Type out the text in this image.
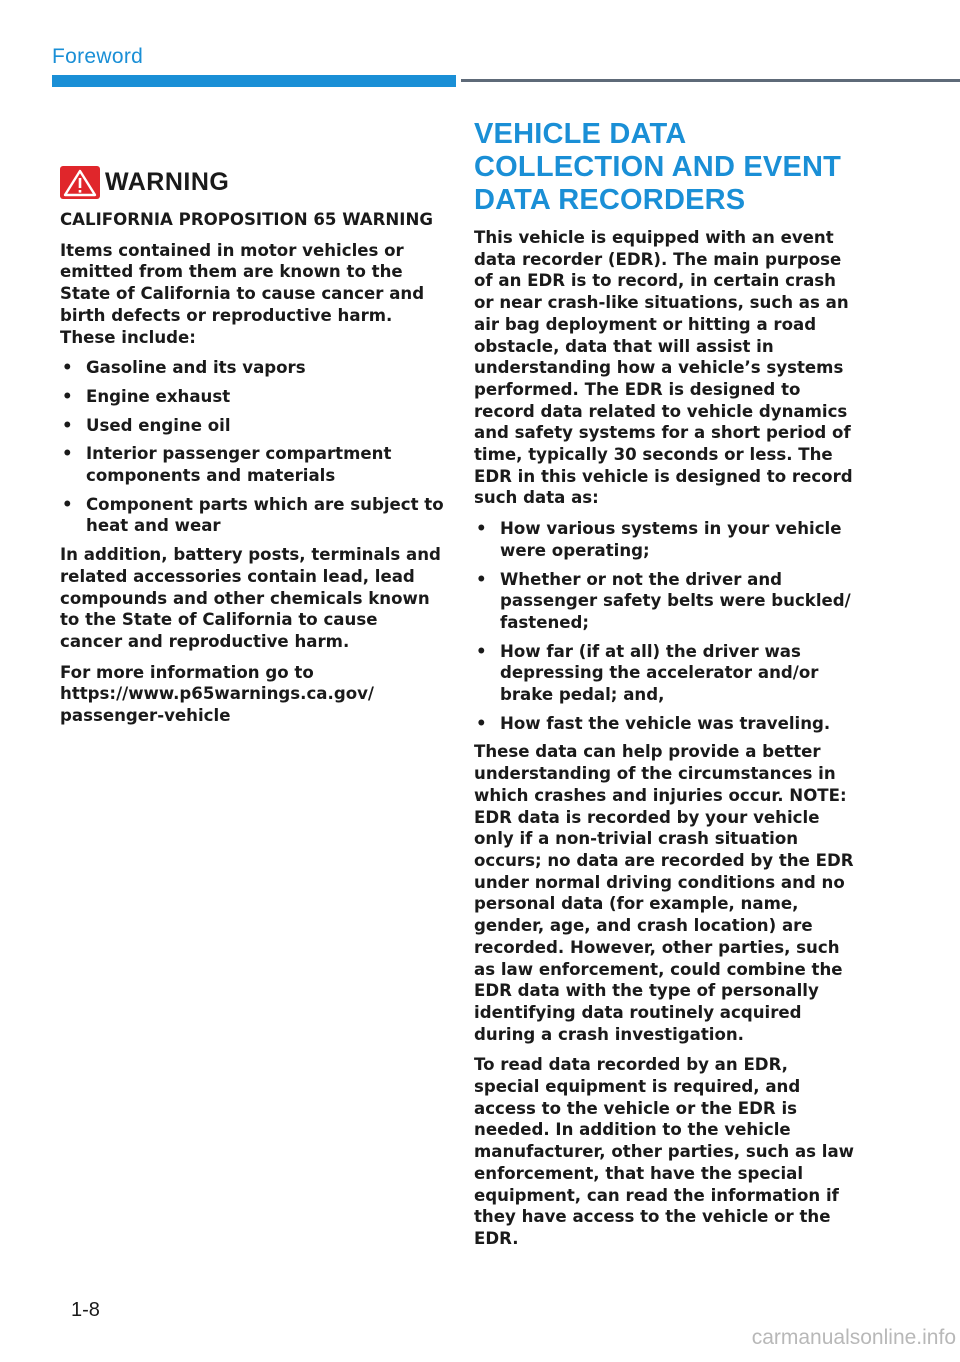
Foreword
WARNING

CALIFORNIA PROPOSITION 65 WARNING

Items contained in motor vehicles or emitted from them are known to the State of California to cause cancer and birth defects or reproductive harm. These include:

• Gasoline and its vapors
• Engine exhaust
• Used engine oil
• Interior passenger compartment components and materials
• Component parts which are subject to heat and wear

In addition, battery posts, terminals and related accessories contain lead, lead compounds and other chemicals known to the State of California to cause cancer and reproductive harm.

For more information go to https://www.p65warnings.ca.gov/ passenger-vehicle

VEHICLE DATA COLLECTION AND EVENT DATA RECORDERS

This vehicle is equipped with an event data recorder (EDR). The main purpose of an EDR is to record, in certain crash or near crash-like situations, such as an air bag deployment or hitting a road obstacle, data that will assist in understanding how a vehicle’s systems performed. The EDR is designed to record data related to vehicle dynamics and safety systems for a short period of time, typically 30 seconds or less. The EDR in this vehicle is designed to record such data as:

• How various systems in your vehicle were operating;
• Whether or not the driver and passenger safety belts were buckled/ fastened;
• How far (if at all) the driver was depressing the accelerator and/or brake pedal; and,
• How fast the vehicle was traveling.

These data can help provide a better understanding of the circumstances in which crashes and injuries occur. NOTE: EDR data is recorded by your vehicle only if a non-trivial crash situation occurs; no data are recorded by the EDR under normal driving conditions and no personal data (for example, name, gender, age, and crash location) are recorded. However, other parties, such as law enforcement, could combine the EDR data with the type of personally identifying data routinely acquired during a crash investigation.

To read data recorded by an EDR, special equipment is required, and access to the vehicle or the EDR is needed. In addition to the vehicle manufacturer, other parties, such as law enforcement, that have the special equipment, can read the information if they have access to the vehicle or the EDR.

1-8
carmanualsonline.info
